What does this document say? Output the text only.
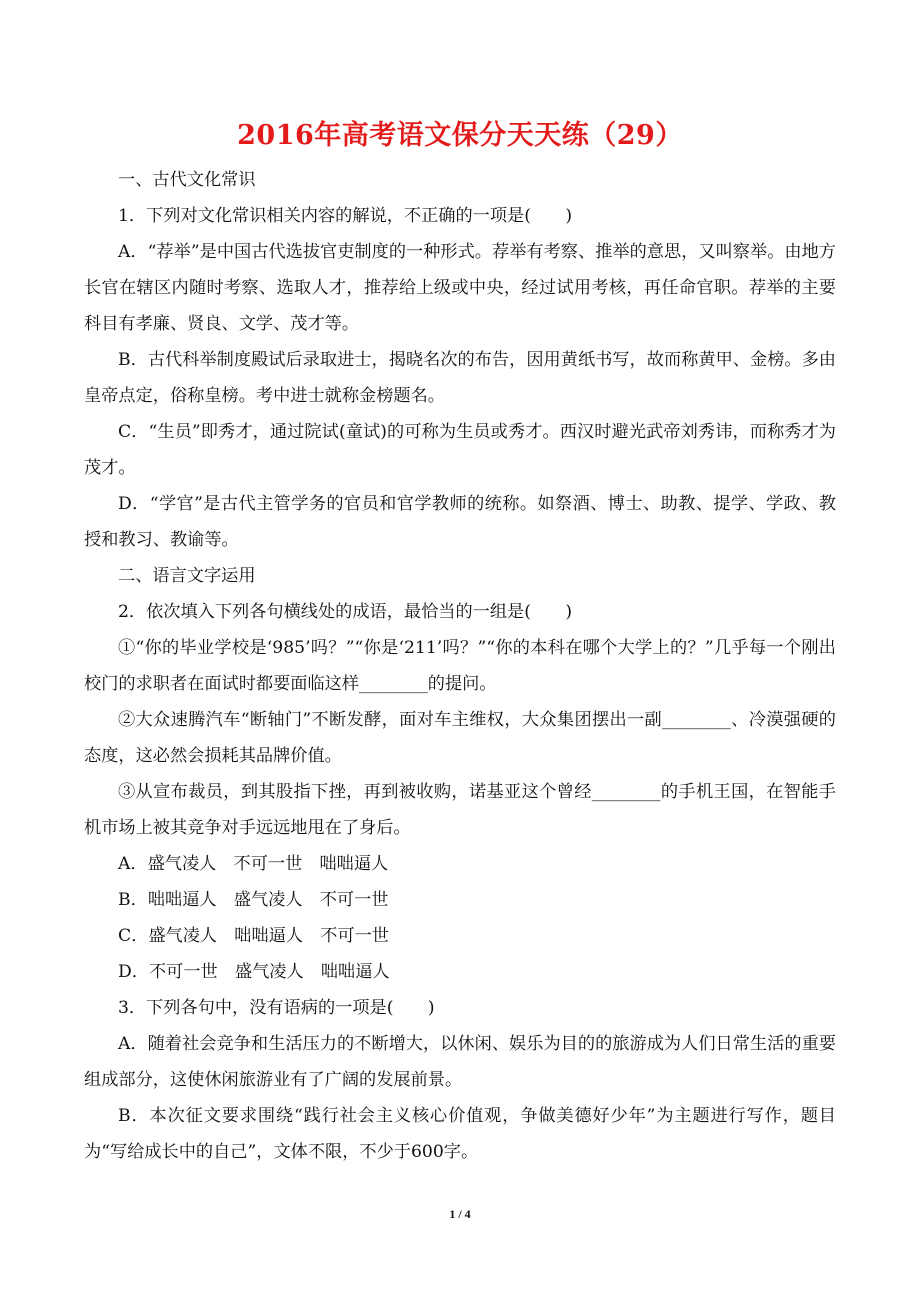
2016年高考语文保分天天练（29）

一、古代文化常识

1．下列对文化常识相关内容的解说，不正确的一项是(　　)

A．“荐举”是中国古代选拔官吏制度的一种形式。荐举有考察、推举的意思，又叫察举。由地方长官在辖区内随时考察、选取人才，推荐给上级或中央，经过试用考核，再任命官职。荐举的主要科目有孝廉、贤良、文学、茂才等。

B．古代科举制度殿试后录取进士，揭晓名次的布告，因用黄纸书写，故而称黄甲、金榜。多由皇帝点定，俗称皇榜。考中进士就称金榜题名。

C．“生员”即秀才，通过院试(童试)的可称为生员或秀才。西汉时避光武帝刘秀讳，而称秀才为茂才。

D．“学官”是古代主管学务的官员和官学教师的统称。如祭酒、博士、助教、提学、学政、教授和教习、教谕等。

二、语言文字运用

2．依次填入下列各句横线处的成语，最恰当的一组是(　　)

①“你的毕业学校是‘985’吗？”“你是‘211’吗？”“你的本科在哪个大学上的？”几乎每一个刚出校门的求职者在面试时都要面临这样________的提问。

②大众速腾汽车“断轴门”不断发酵，面对车主维权，大众集团摆出一副________、冷漠强硬的态度，这必然会损耗其品牌价值。

③从宣布裁员，到其股指下挫，再到被收购，诺基亚这个曾经________的手机王国，在智能手机市场上被其竞争对手远远地甩在了身后。

A．盛气凌人　不可一世　咄咄逼人

B．咄咄逼人　盛气凌人　不可一世

C．盛气凌人　咄咄逼人　不可一世

D．不可一世　盛气凌人　咄咄逼人

3．下列各句中，没有语病的一项是(　　)

A．随着社会竞争和生活压力的不断增大，以休闲、娱乐为目的的旅游成为人们日常生活的重要组成部分，这使休闲旅游业有了广阔的发展前景。

B．本次征文要求围绕“践行社会主义核心价值观，争做美德好少年”为主题进行写作，题目为“写给成长中的自己”，文体不限，不少于600字。

1 / 4
